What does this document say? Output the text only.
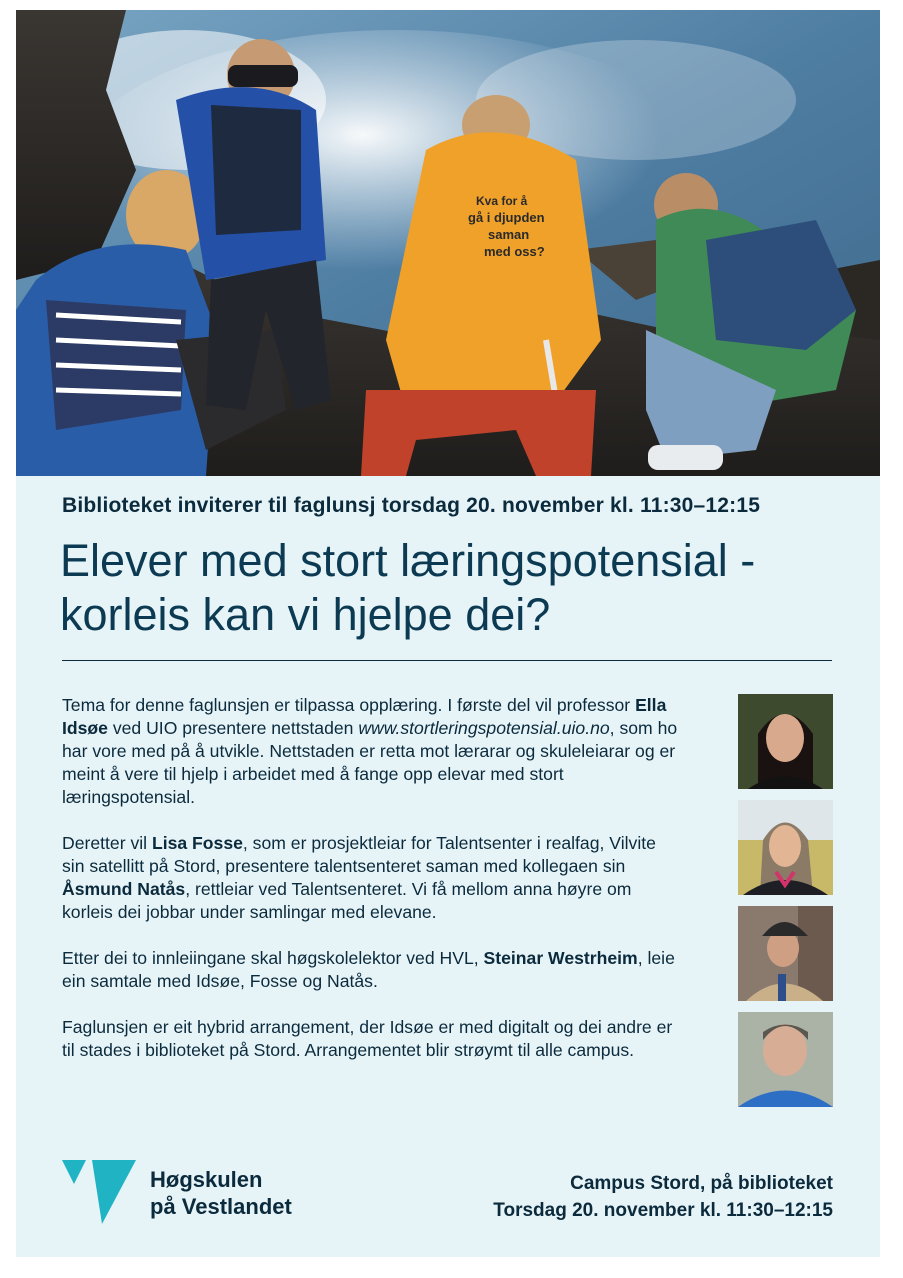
Kva for å
gå i djupden
saman
med oss?
Biblioteket inviterer til faglunsj torsdag 20. november kl. 11:30–12:15
Elever med stort læringspotensial -
korleis kan vi hjelpe dei?

Tema for denne faglunsjen er tilpassa opplæring. I første del vil professor Ella Idsøe ved UIO presentere nettstaden www.stortleringspotensial.uio.no, som ho har vore med på å utvikle. Nettstaden er retta mot lærarar og skuleleiarar og er meint å vere til hjelp i arbeidet med å fange opp elevar med stort læringspotensial.

Deretter vil Lisa Fosse, som er prosjektleiar for Talentsenter i realfag, Vilvite sin satellitt på Stord, presentere talentsenteret saman med kollegaen sin Åsmund Natås, rettleiar ved Talentsenteret. Vi få mellom anna høyre om korleis dei jobbar under samlingar med elevane.

Etter dei to innleiingane skal høgskolelektor ved HVL, Steinar Westrheim, leie ein samtale med Idsøe, Fosse og Natås.

Faglunsjen er eit hybrid arrangement, der Idsøe er med digitalt og dei andre er til stades i biblioteket på Stord. Arrangementet blir strøymt til alle campus.

Høgskulen
på Vestlandet
Campus Stord, på biblioteket
Torsdag 20. november kl. 11:30–12:15
